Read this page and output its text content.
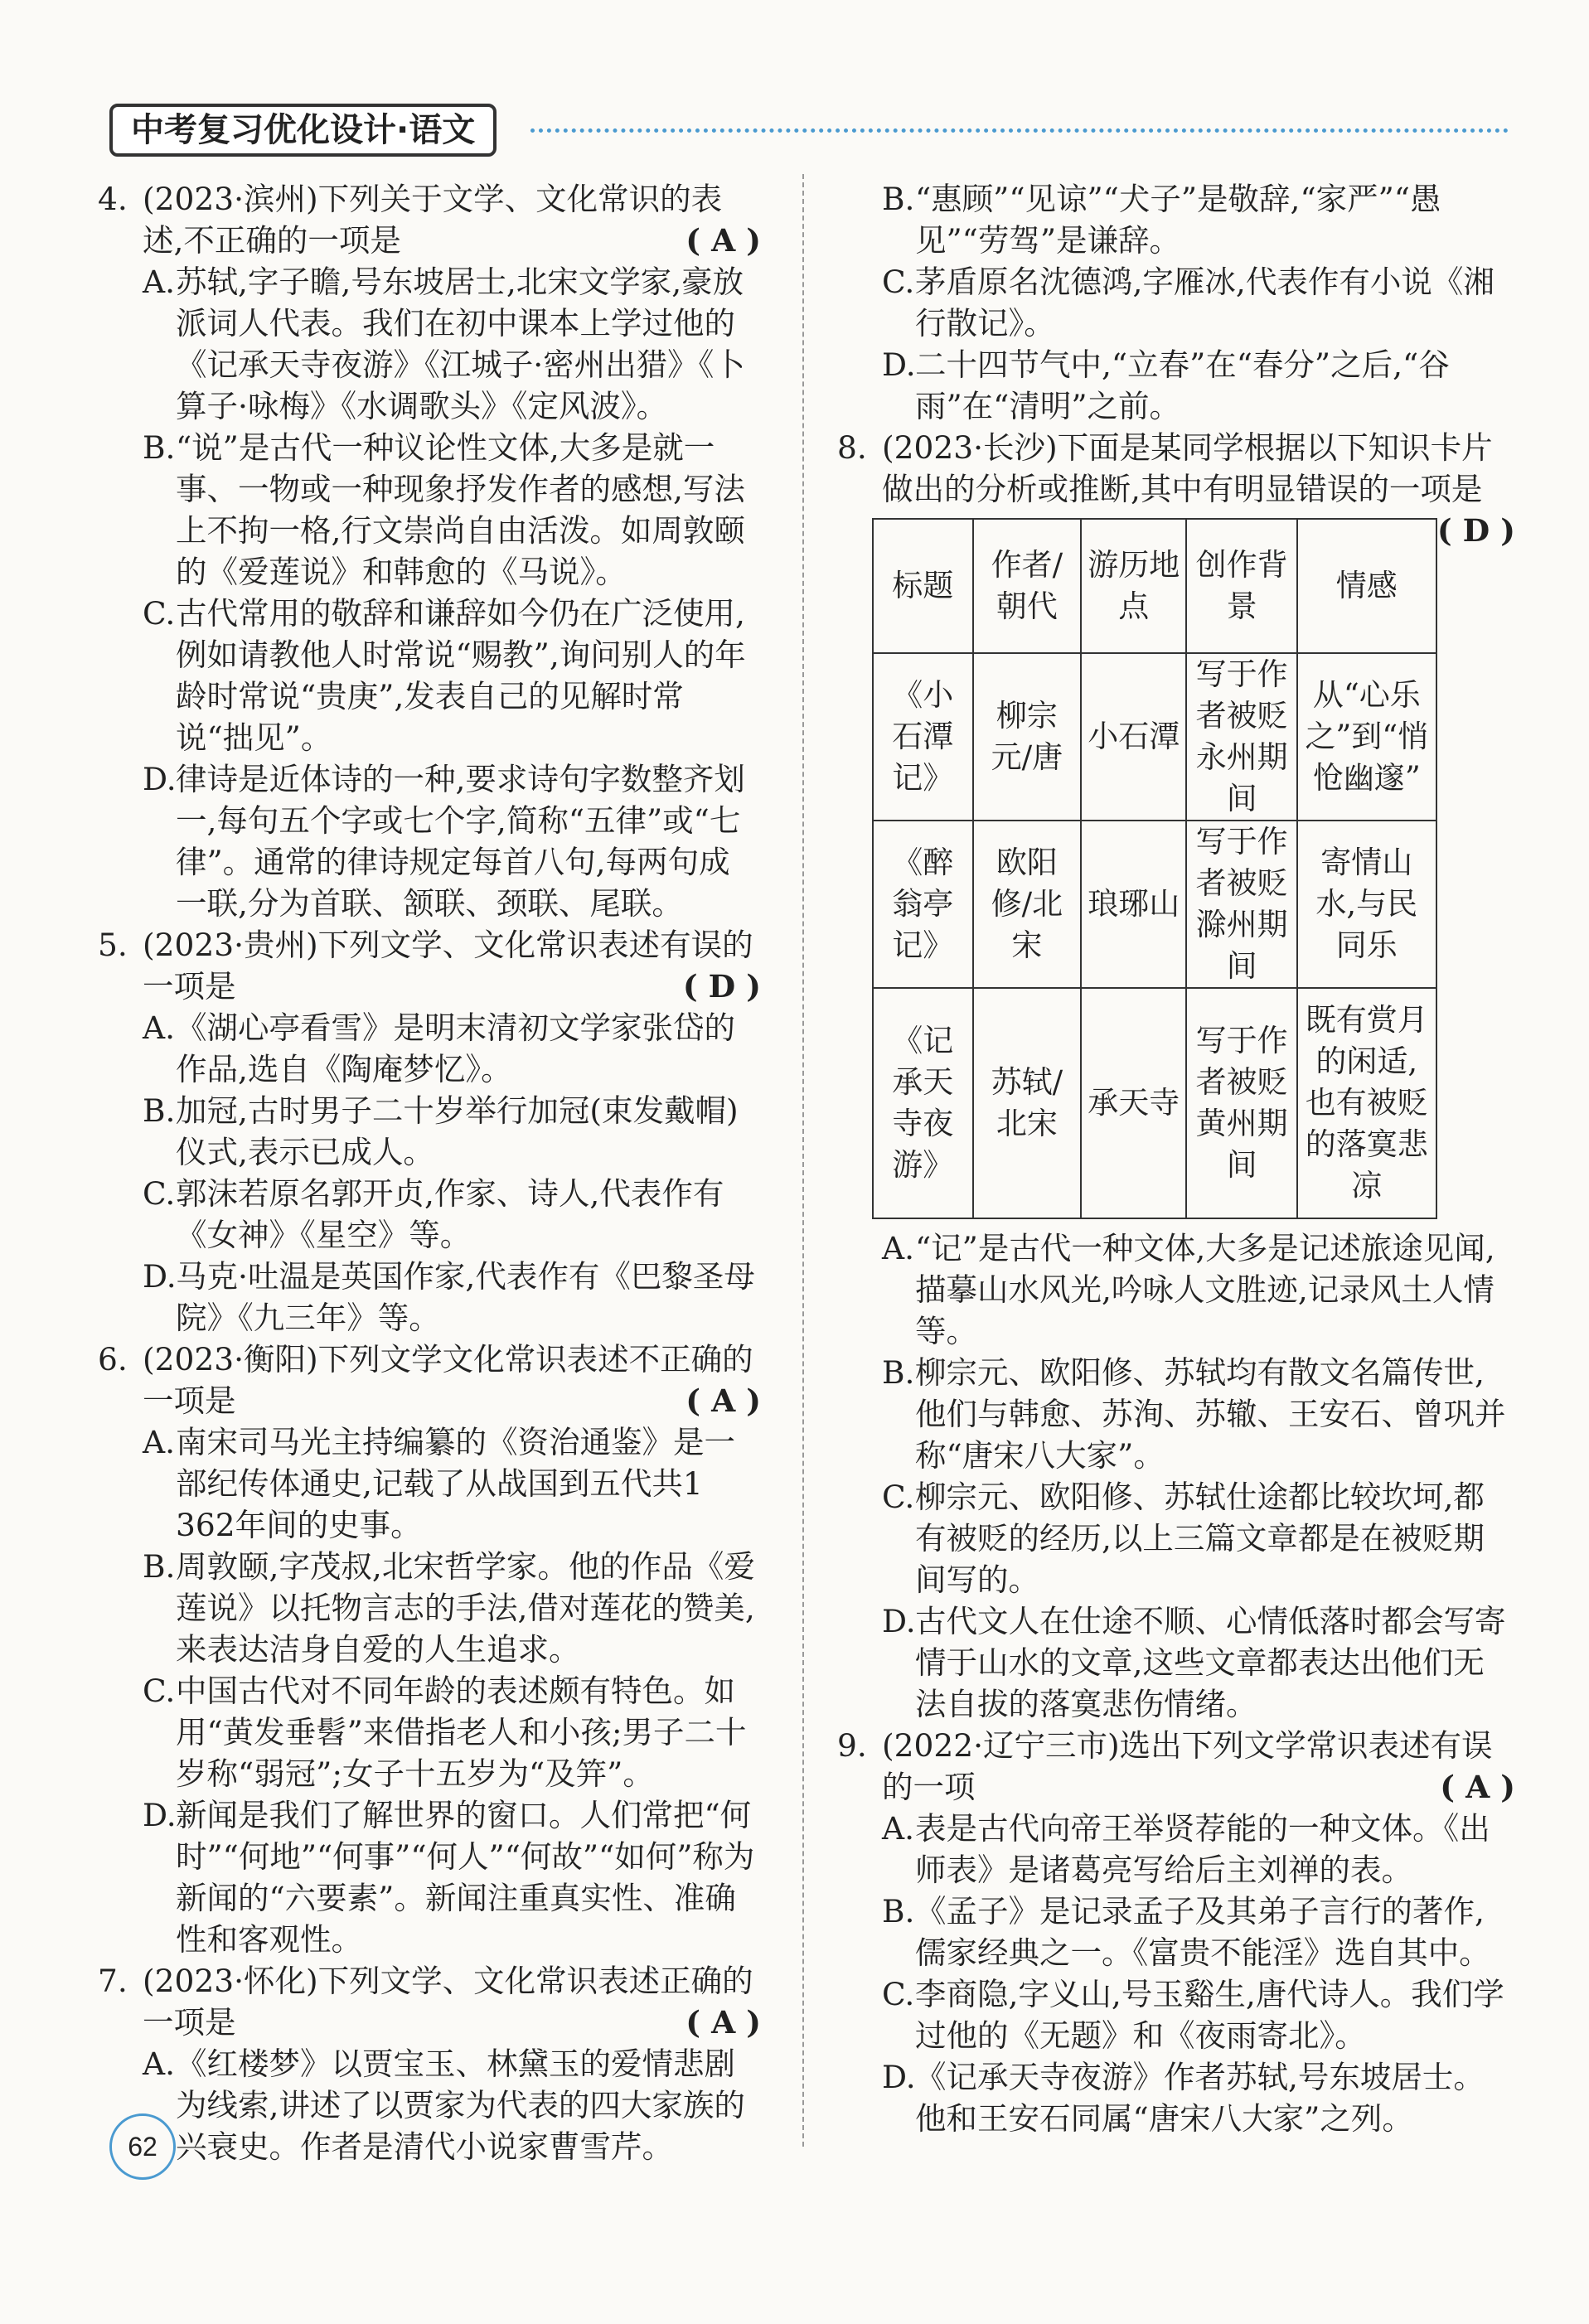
中考复习优化设计·语文
4. (2023·滨州)下列关于文学、文化常识的表述,不正确的一项是	( A )
A. 苏轼,字子瞻,号东坡居士,北宋文学家,豪放派词人代表。我们在初中课本上学过他的《记承天寺夜游》《江城子·密州出猎》《卜算子·咏梅》《水调歌头》《定风波》。
B. “说”是古代一种议论性文体,大多是就一事、一物或一种现象抒发作者的感想,写法上不拘一格,行文崇尚自由活泼。如周敦颐的《爱莲说》和韩愈的《马说》。
C. 古代常用的敬辞和谦辞如今仍在广泛使用,例如请教他人时常说“赐教”,询问别人的年龄时常说“贵庚”,发表自己的见解时常说“拙见”。
D. 律诗是近体诗的一种,要求诗句字数整齐划一,每句五个字或七个字,简称“五律”或“七律”。通常的律诗规定每首八句,每两句成一联,分为首联、颔联、颈联、尾联。
5. (2023·贵州)下列文学、文化常识表述有误的一项是	( D )
A. 《湖心亭看雪》是明末清初文学家张岱的作品,选自《陶庵梦忆》。
B. 加冠,古时男子二十岁举行加冠(束发戴帽)仪式,表示已成人。
C. 郭沫若原名郭开贞,作家、诗人,代表作有《女神》《星空》等。
D. 马克·吐温是英国作家,代表作有《巴黎圣母院》《九三年》等。
6. (2023·衡阳)下列文学文化常识表述不正确的一项是	( A )
A. 南宋司马光主持编纂的《资治通鉴》是一部纪传体通史,记载了从战国到五代共1 362年间的史事。
B. 周敦颐,字茂叔,北宋哲学家。他的作品《爱莲说》以托物言志的手法,借对莲花的赞美,来表达洁身自爱的人生追求。
C. 中国古代对不同年龄的表述颇有特色。如用“黄发垂髫”来借指老人和小孩;男子二十岁称“弱冠”;女子十五岁为“及笄”。
D. 新闻是我们了解世界的窗口。人们常把“何时”“何地”“何事”“何人”“何故”“如何”称为新闻的“六要素”。新闻注重真实性、准确性和客观性。
7. (2023·怀化)下列文学、文化常识表述正确的一项是	( A )
A. 《红楼梦》以贾宝玉、林黛玉的爱情悲剧为线索,讲述了以贾家为代表的四大家族的兴衰史。作者是清代小说家曹雪芹。
B. “惠顾”“见谅”“犬子”是敬辞,“家严”“愚见”“劳驾”是谦辞。
C. 茅盾原名沈德鸿,字雁冰,代表作有小说《湘行散记》。
D. 二十四节气中,“立春”在“春分”之后,“谷雨”在“清明”之前。
8. (2023·长沙)下面是某同学根据以下知识卡片做出的分析或推断,其中有明显错误的一项是
( D )
标题	作者/朝代	游历地点	创作背景	情感
《小石潭记》	柳宗元/唐	小石潭	写于作者被贬永州期间	从“心乐之”到“悄怆幽邃”
《醉翁亭记》	欧阳修/北宋	琅琊山	写于作者被贬滁州期间	寄情山水,与民同乐
《记承天寺夜游》	苏轼/北宋	承天寺	写于作者被贬黄州期间	既有赏月的闲适,也有被贬的落寞悲凉
A. “记”是古代一种文体,大多是记述旅途见闻,描摹山水风光,吟咏人文胜迹,记录风土人情等。
B. 柳宗元、欧阳修、苏轼均有散文名篇传世,他们与韩愈、苏洵、苏辙、王安石、曾巩并称“唐宋八大家”。
C. 柳宗元、欧阳修、苏轼仕途都比较坎坷,都有被贬的经历,以上三篇文章都是在被贬期间写的。
D. 古代文人在仕途不顺、心情低落时都会写寄情于山水的文章,这些文章都表达出他们无法自拔的落寞悲伤情绪。
9. (2022·辽宁三市)选出下列文学常识表述有误的一项	( A )
A. 表是古代向帝王举贤荐能的一种文体。《出师表》是诸葛亮写给后主刘禅的表。
B. 《孟子》是记录孟子及其弟子言行的著作,儒家经典之一。《富贵不能淫》选自其中。
C. 李商隐,字义山,号玉谿生,唐代诗人。我们学过他的《无题》和《夜雨寄北》。
D. 《记承天寺夜游》作者苏轼,号东坡居士。他和王安石同属“唐宋八大家”之列。
62
